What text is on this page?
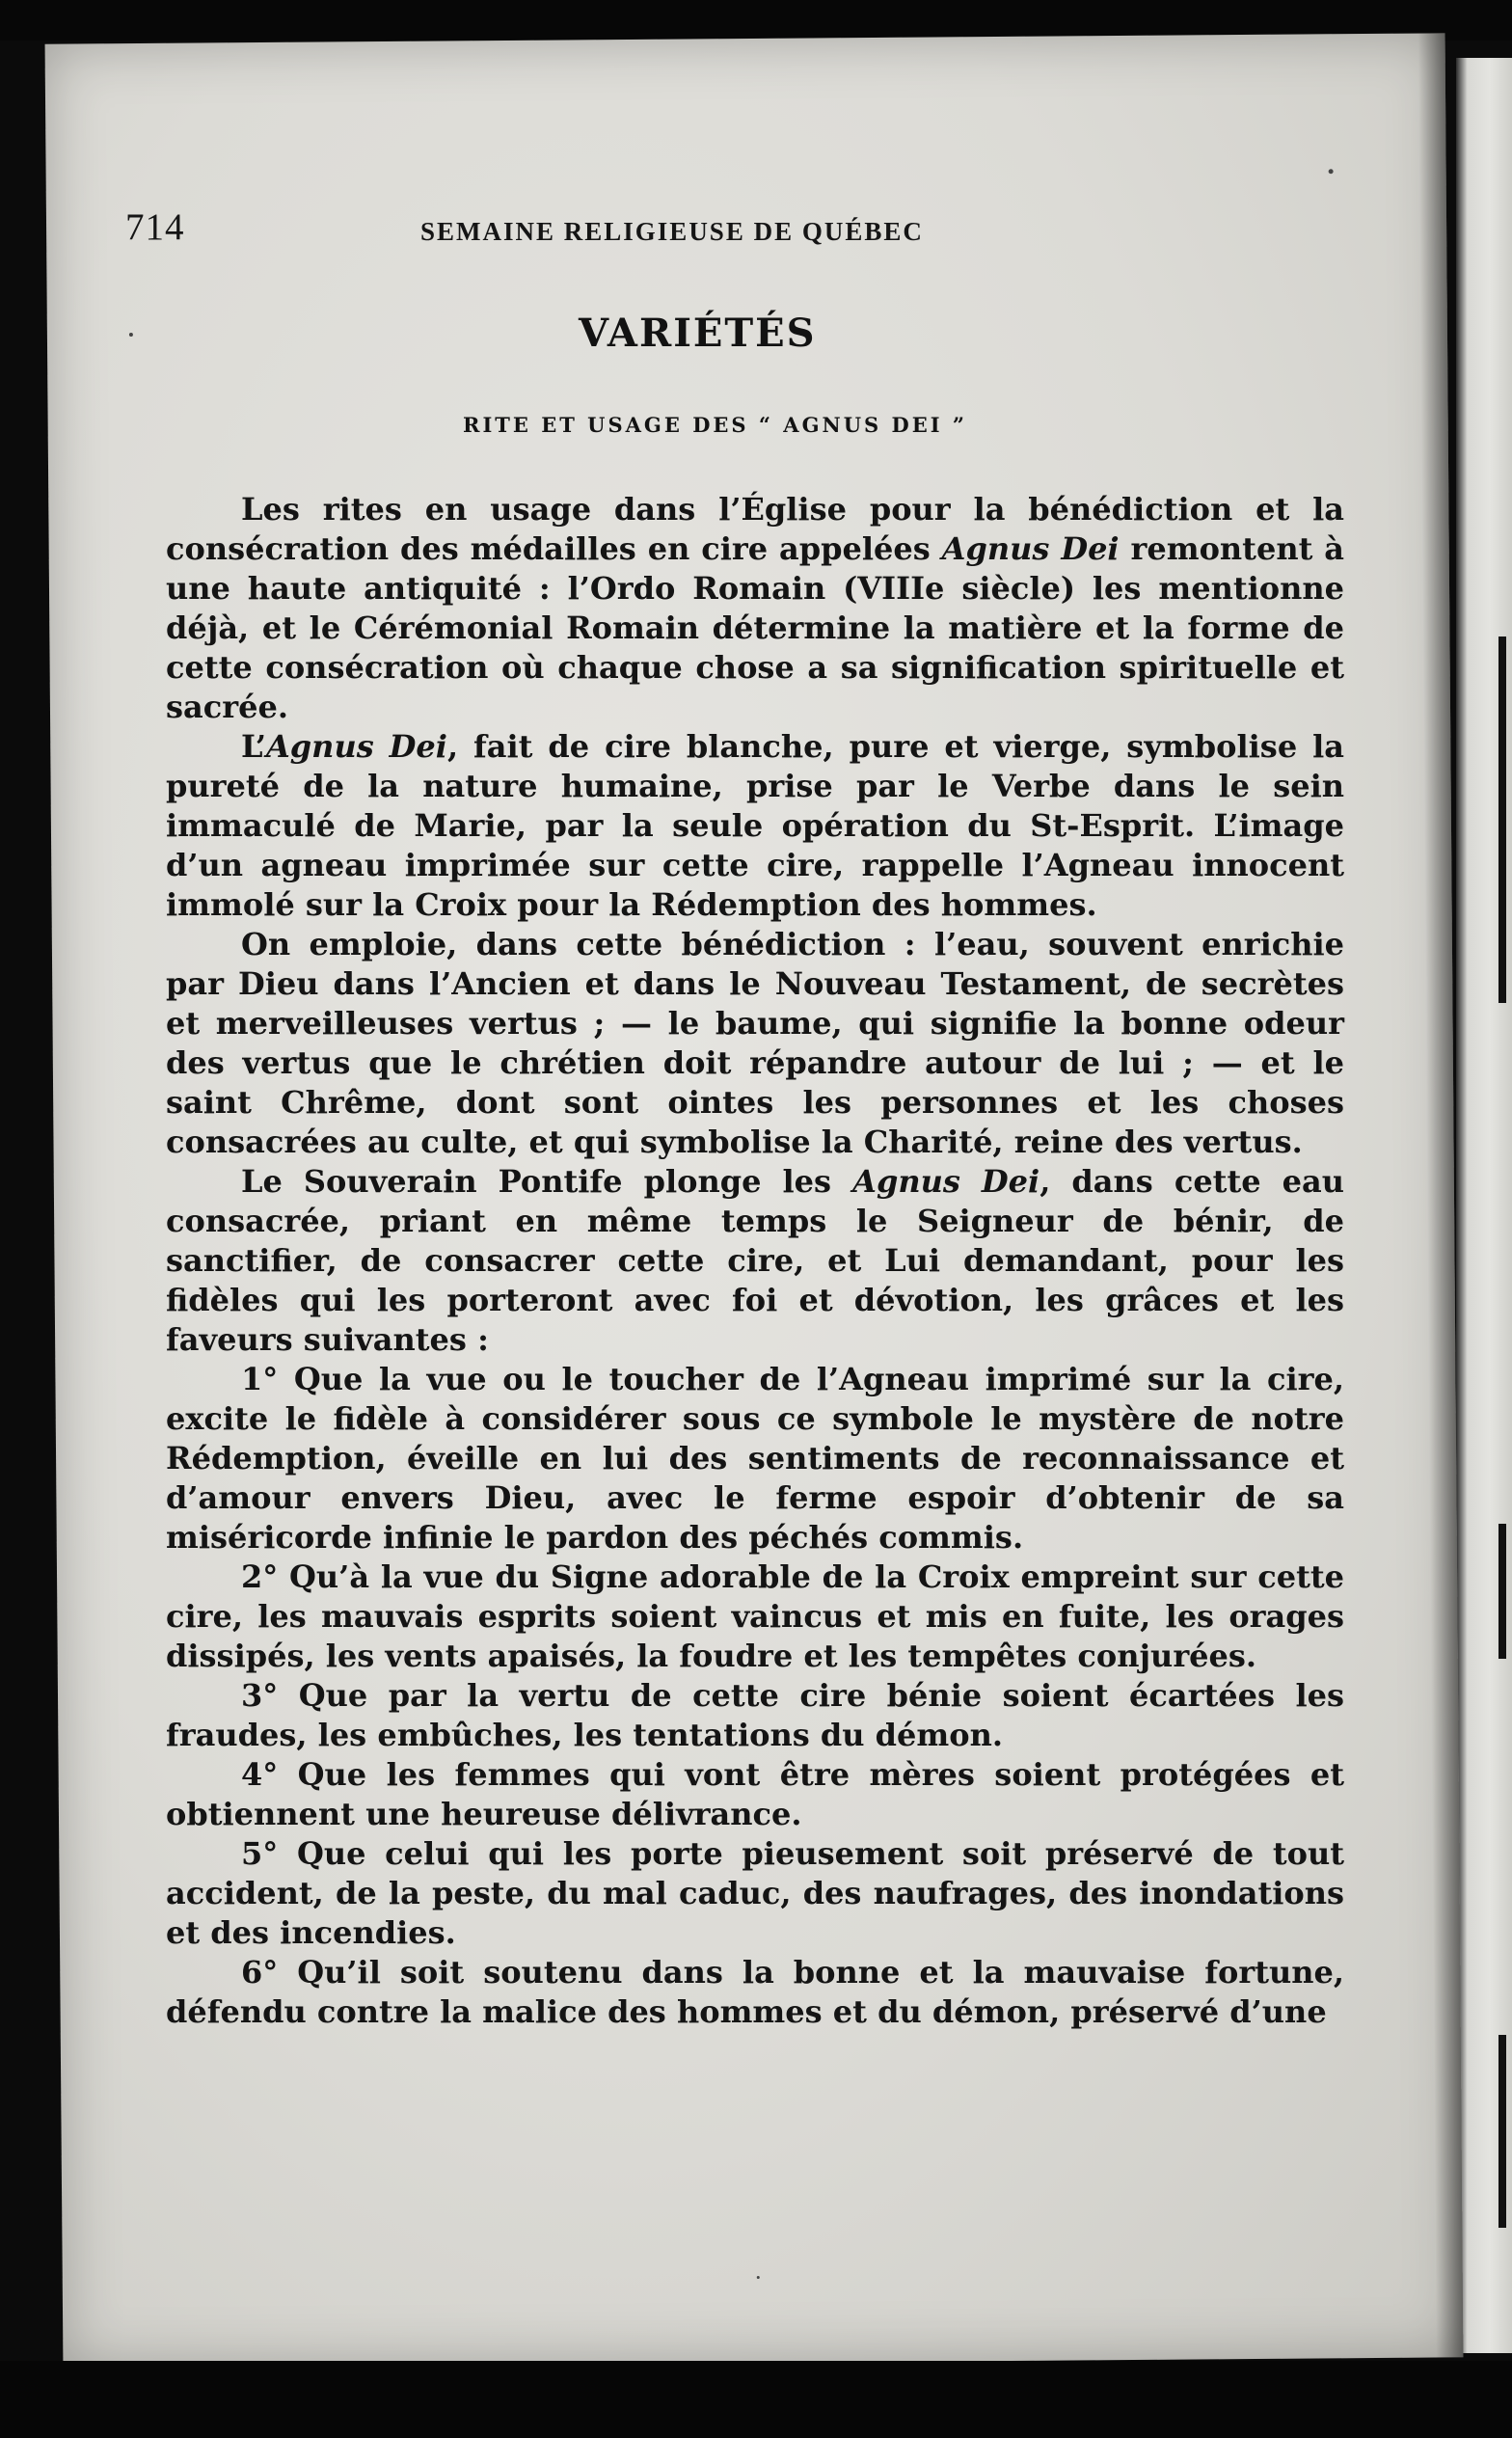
714	SEMAINE RELIGIEUSE DE QUÉBEC
VARIÉTÉS
RITE ET USAGE DES “ AGNUS DEI ”

Les rites en usage dans l’Église pour la bénédiction et la consécration des médailles en cire appelées Agnus Dei remontent à une haute antiquité : l’Ordo Romain (VIIIe siècle) les mentionne déjà, et le Cérémonial Romain détermine la matière et la forme de cette consécration où chaque chose a sa signification spirituelle et sacrée.

L’Agnus Dei, fait de cire blanche, pure et vierge, symbolise la pureté de la nature humaine, prise par le Verbe dans le sein immaculé de Marie, par la seule opération du St-Esprit. L’image d’un agneau imprimée sur cette cire, rappelle l’Agneau innocent immolé sur la Croix pour la Rédemption des hommes.

On emploie, dans cette bénédiction : l’eau, souvent enrichie par Dieu dans l’Ancien et dans le Nouveau Testament, de secrètes et merveilleuses vertus ; — le baume, qui signifie la bonne odeur des vertus que le chrétien doit répandre autour de lui ; — et le saint Chrême, dont sont ointes les personnes et les choses consacrées au culte, et qui symbolise la Charité, reine des vertus.

Le Souverain Pontife plonge les Agnus Dei, dans cette eau consacrée, priant en même temps le Seigneur de bénir, de sanctifier, de consacrer cette cire, et Lui demandant, pour les fidèles qui les porteront avec foi et dévotion, les grâces et les faveurs suivantes :

1° Que la vue ou le toucher de l’Agneau imprimé sur la cire, excite le fidèle à considérer sous ce symbole le mystère de notre Rédemption, éveille en lui des sentiments de reconnaissance et d’amour envers Dieu, avec le ferme espoir d’obtenir de sa miséricorde infinie le pardon des péchés commis.

2° Qu’à la vue du Signe adorable de la Croix empreint sur cette cire, les mauvais esprits soient vaincus et mis en fuite, les orages dissipés, les vents apaisés, la foudre et les tempêtes conjurées.

3° Que par la vertu de cette cire bénie soient écartées les fraudes, les embûches, les tentations du démon.

4° Que les femmes qui vont être mères soient protégées et obtiennent une heureuse délivrance.

5° Que celui qui les porte pieusement soit préservé de tout accident, de la peste, du mal caduc, des naufrages, des inondations et des incendies.

6° Qu’il soit soutenu dans la bonne et la mauvaise fortune, défendu contre la malice des hommes et du démon, préservé d’une
